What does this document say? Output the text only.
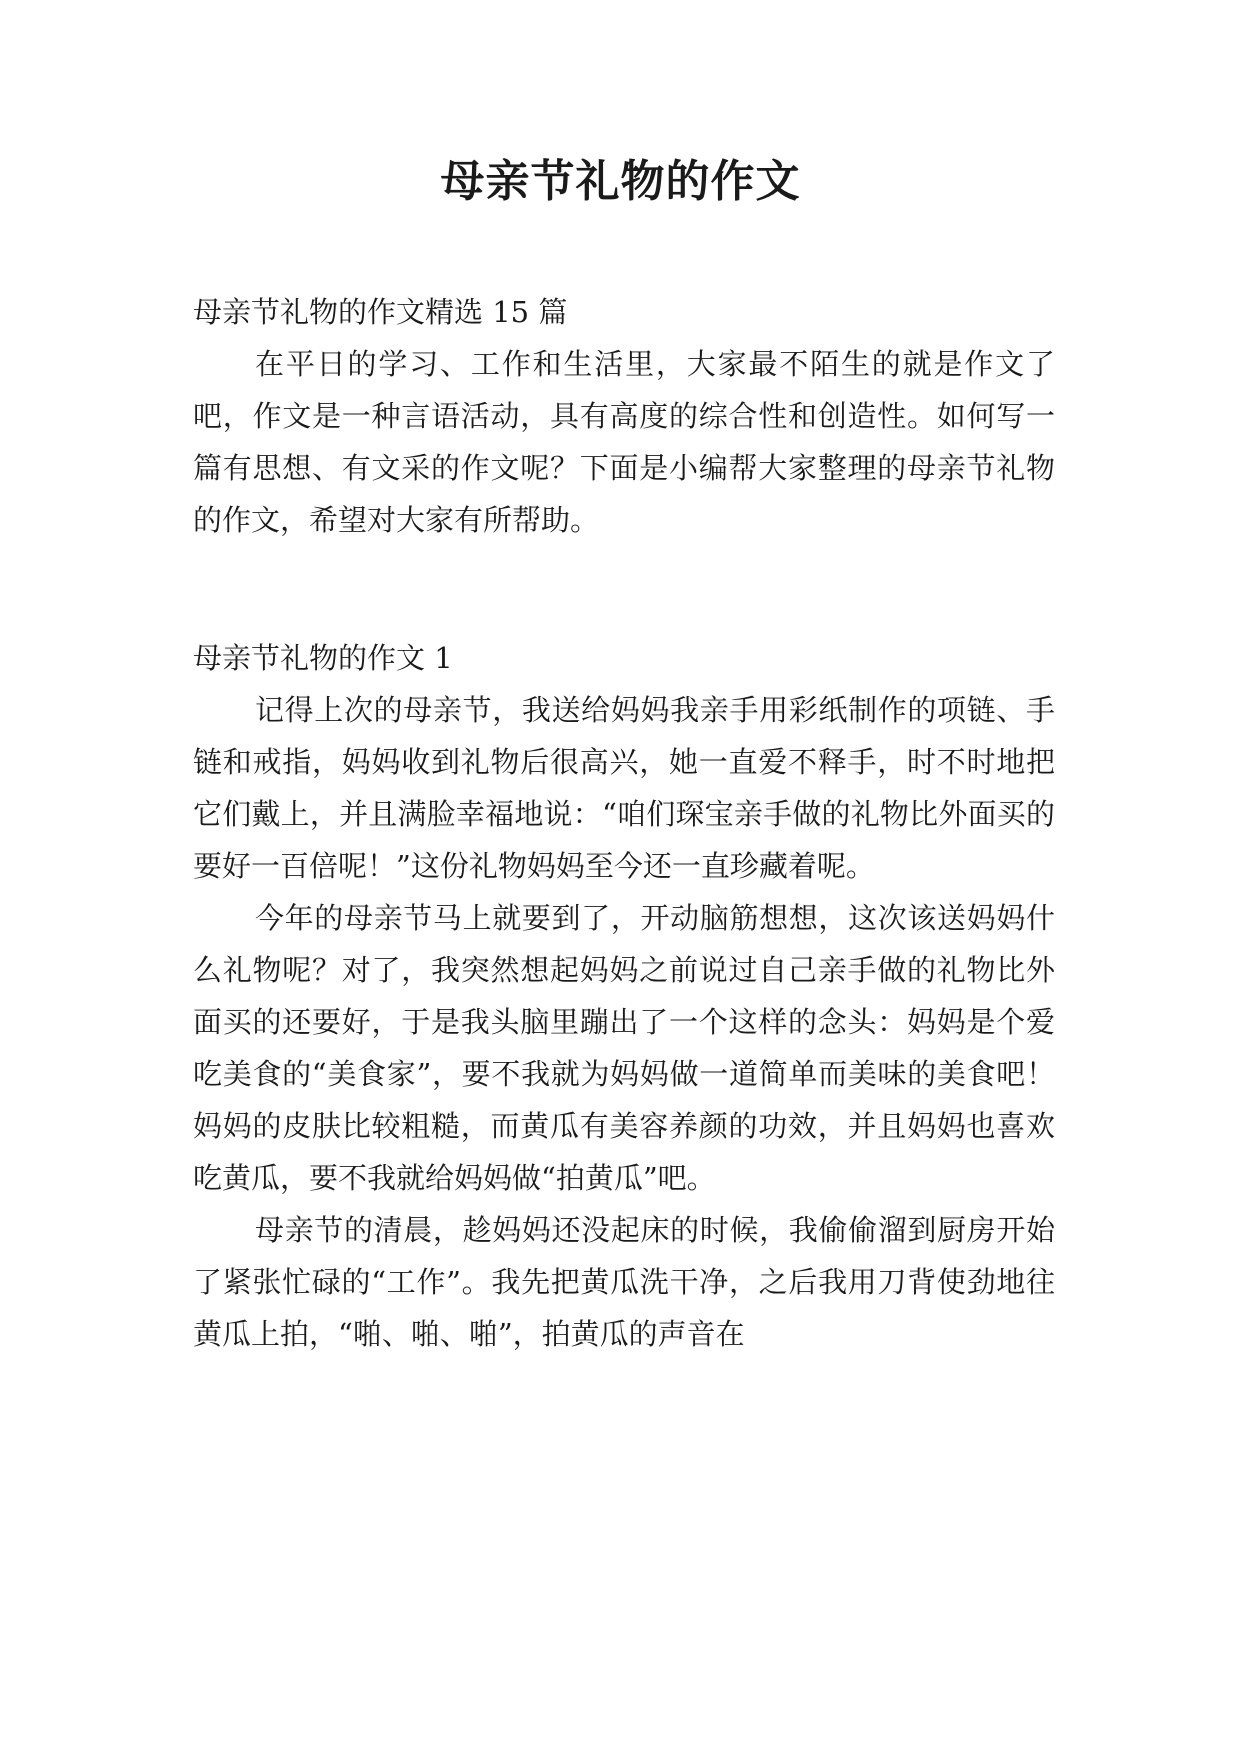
母亲节礼物的作文

母亲节礼物的作文精选 15 篇

在平日的学习、工作和生活里，大家最不陌生的就是作文了吧，作文是一种言语活动，具有高度的综合性和创造性。如何写一篇有思想、有文采的作文呢？下面是小编帮大家整理的母亲节礼物的作文，希望对大家有所帮助。

母亲节礼物的作文 1

记得上次的母亲节，我送给妈妈我亲手用彩纸制作的项链、手链和戒指，妈妈收到礼物后很高兴，她一直爱不释手，时不时地把它们戴上，并且满脸幸福地说：“咱们琛宝亲手做的礼物比外面买的要好一百倍呢！”这份礼物妈妈至今还一直珍藏着呢。

今年的母亲节马上就要到了，开动脑筋想想，这次该送妈妈什么礼物呢？对了，我突然想起妈妈之前说过自己亲手做的礼物比外面买的还要好，于是我头脑里蹦出了一个这样的念头：妈妈是个爱吃美食的“美食家”，要不我就为妈妈做一道简单而美味的美食吧！妈妈的皮肤比较粗糙，而黄瓜有美容养颜的功效，并且妈妈也喜欢吃黄瓜，要不我就给妈妈做“拍黄瓜”吧。

母亲节的清晨，趁妈妈还没起床的时候，我偷偷溜到厨房开始了紧张忙碌的“工作”。我先把黄瓜洗干净，之后我用刀背使劲地往黄瓜上拍，“啪、啪、啪”，拍黄瓜的声音在
